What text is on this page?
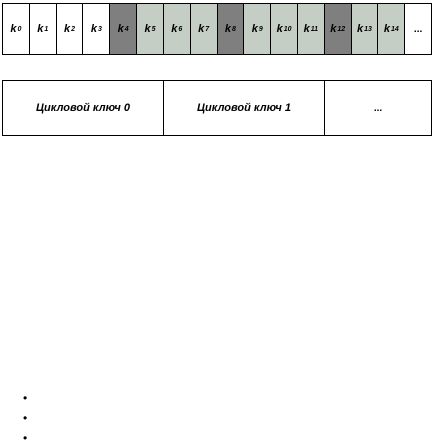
k 0 k 1 k 2 k 3 k 4 k 5 k 6 k 7 k 8 k 9 k 10 k 11 k 12 k 13 k 14 ...
Цикловой ключ 0	Цикловой ключ 1	...
•
•
•
